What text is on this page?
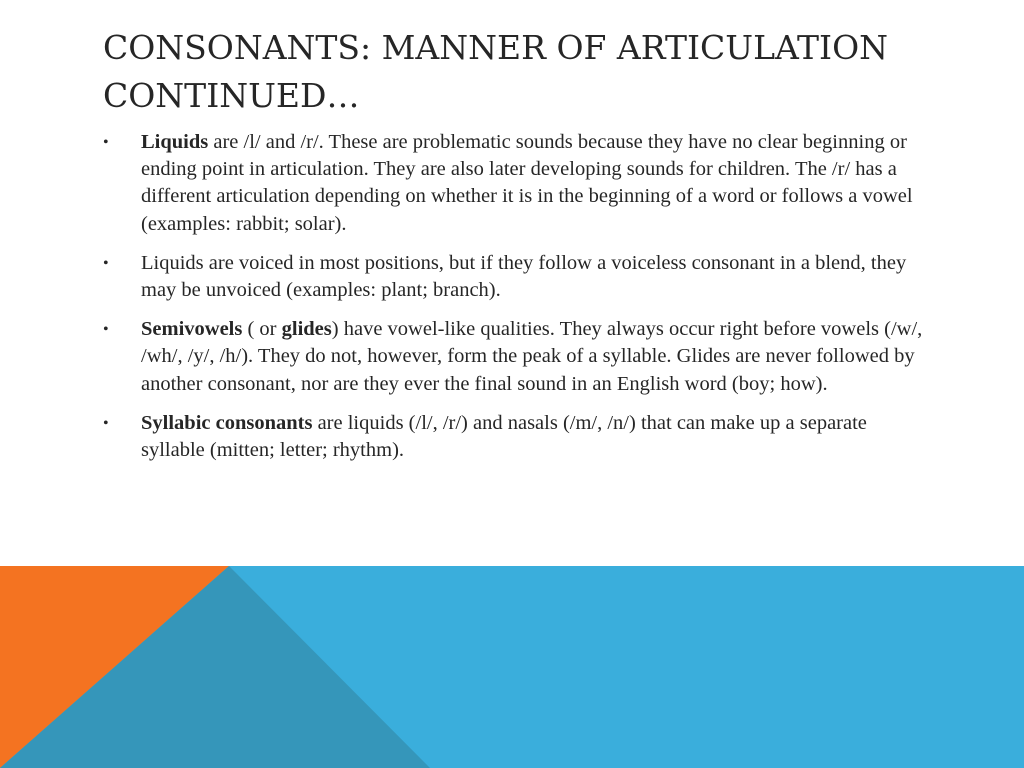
CONSONANTS: MANNER OF ARTICULATION CONTINUED…
• Liquids are /l/ and /r/. These are problematic sounds because they have no clear beginning or ending point in articulation. They are also later developing sounds for children. The /r/ has a different articulation depending on whether it is in the beginning of a word or follows a vowel (examples: rabbit; solar).
• Liquids are voiced in most positions, but if they follow a voiceless consonant in a blend, they may be unvoiced (examples: plant; branch).
• Semivowels ( or glides) have vowel-like qualities. They always occur right before vowels (/w/, /wh/, /y/, /h/). They do not, however, form the peak of a syllable. Glides are never followed by another consonant, nor are they ever the final sound in an English word (boy; how).
• Syllabic consonants are liquids (/l/, /r/) and nasals (/m/, /n/) that can make up a separate syllable (mitten; letter; rhythm).
